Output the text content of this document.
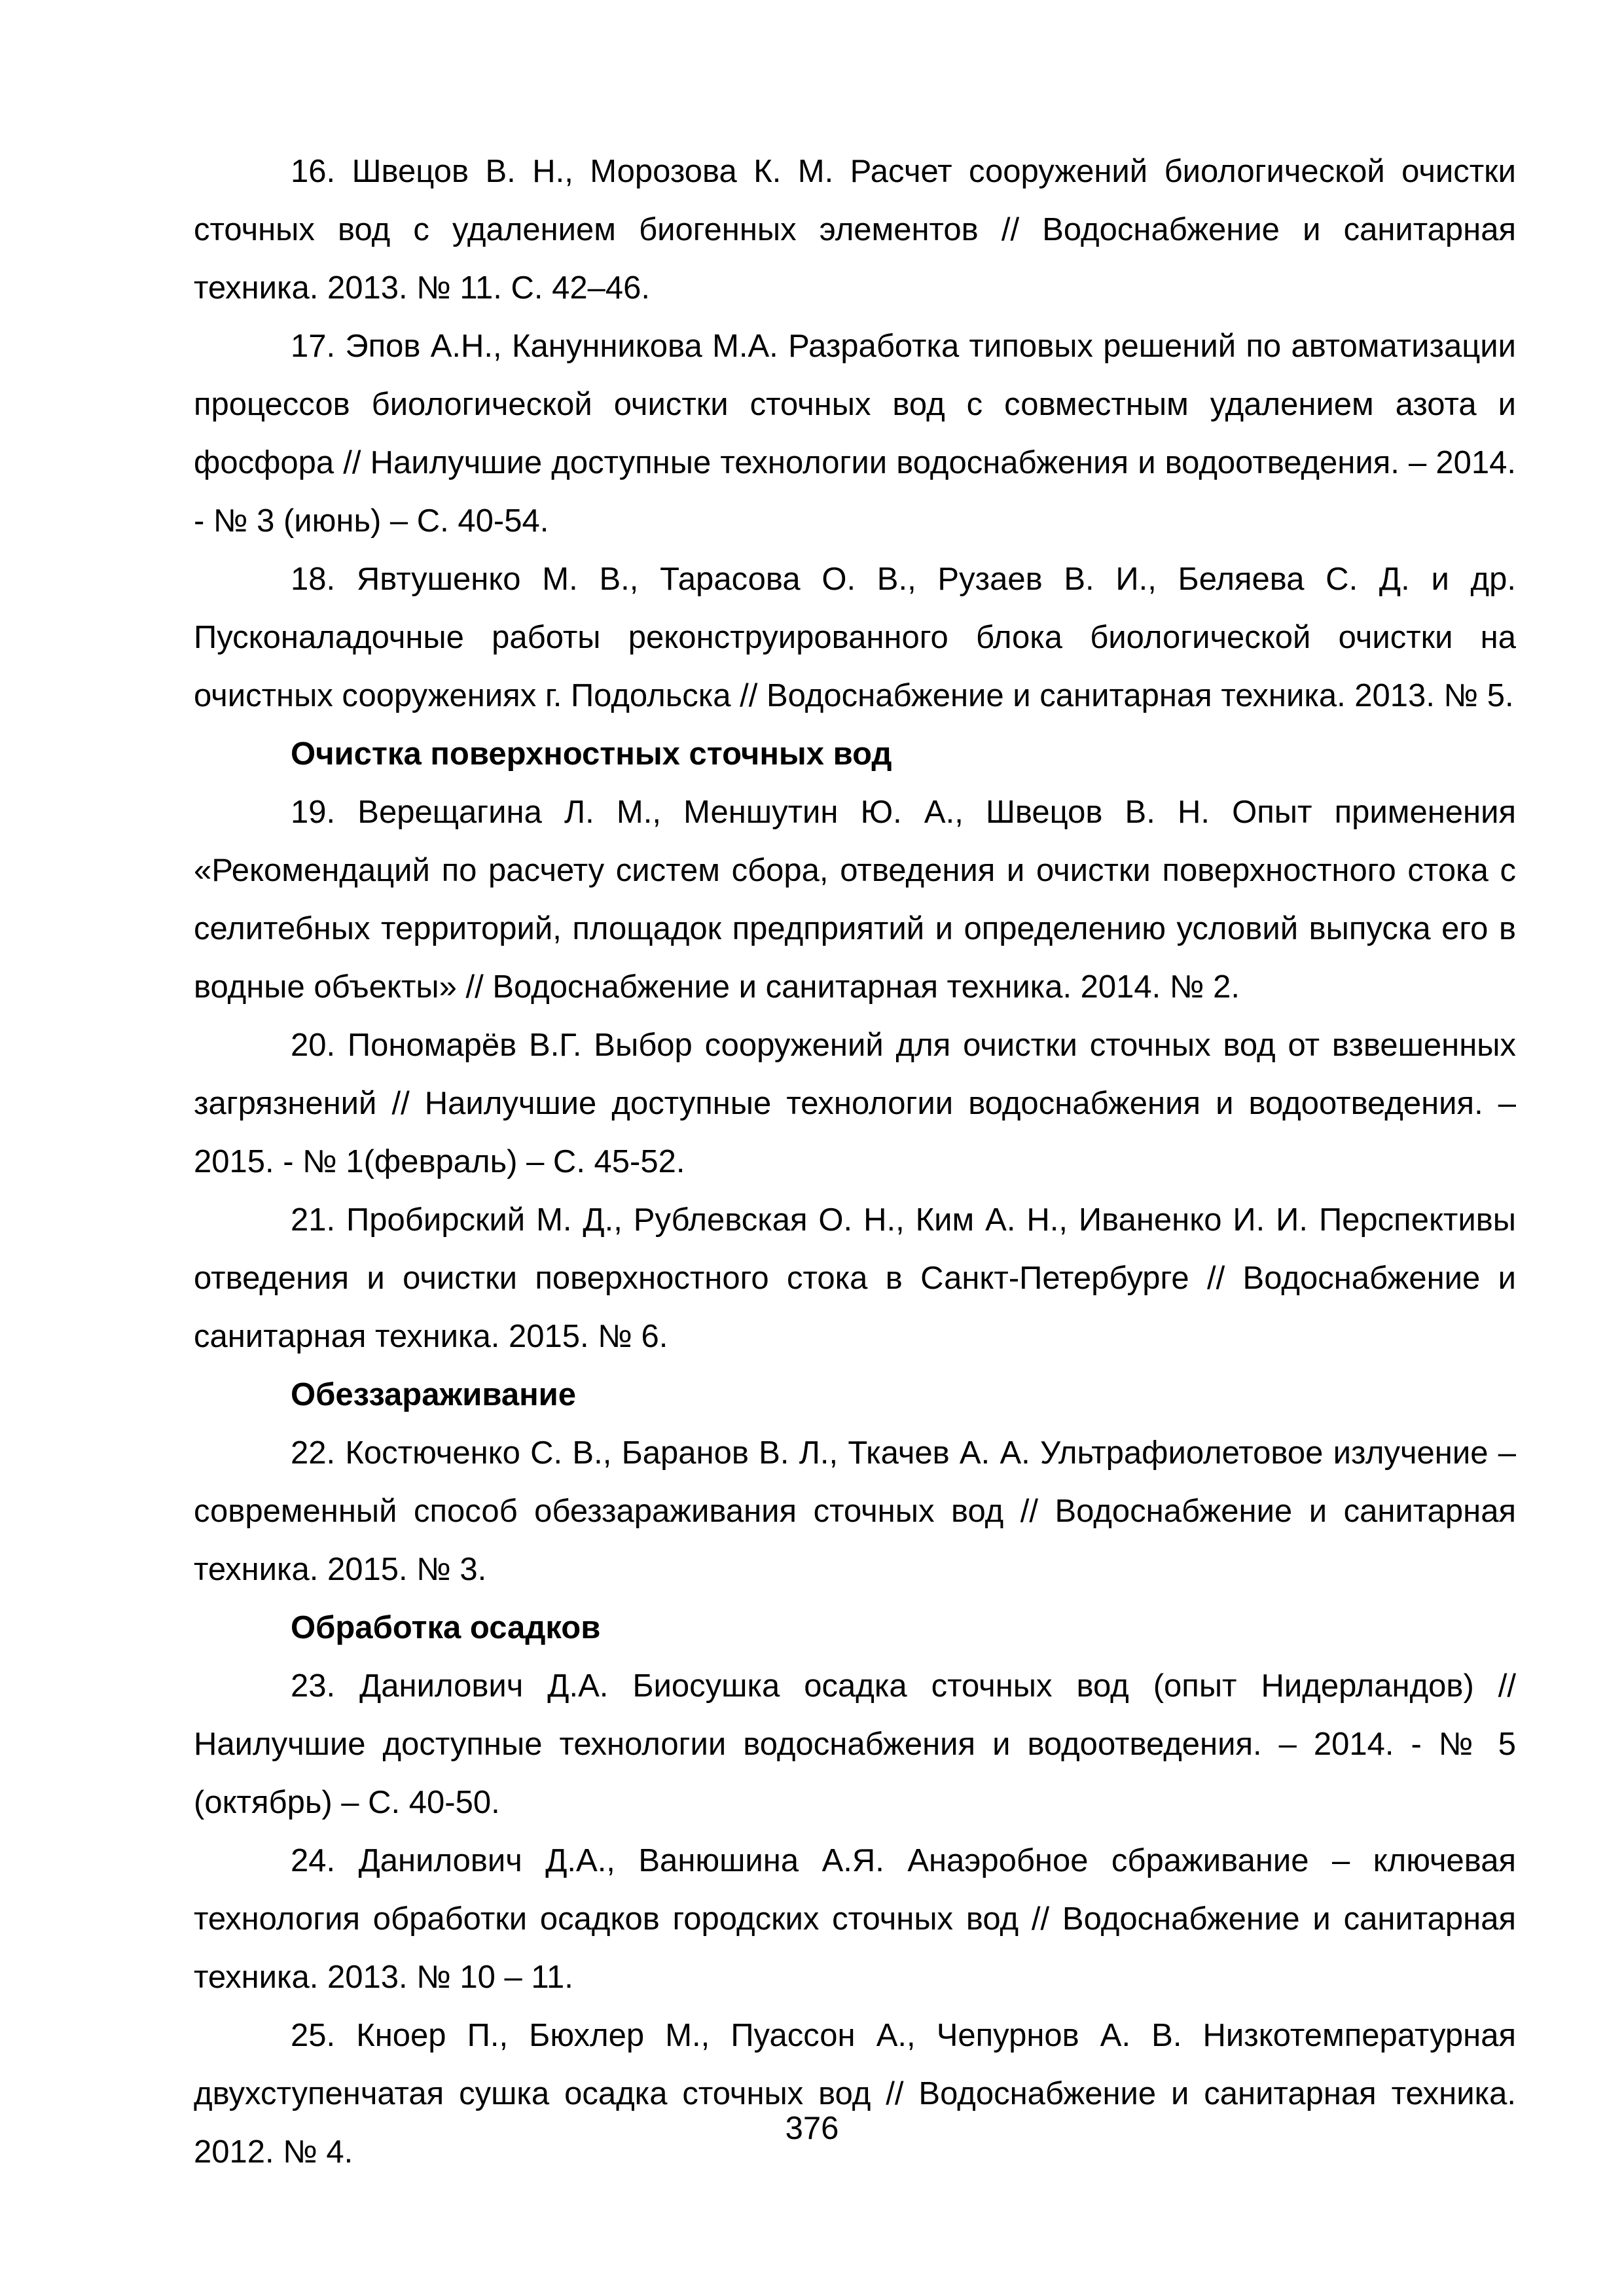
16. Швецов В. Н., Морозова К. М. Расчет сооружений биологической очистки сточных вод с удалением биогенных элементов // Водоснабжение и санитарная техника. 2013. № 11. С. 42–46.

17. Эпов А.Н., Канунникова М.А. Разработка типовых решений по автоматизации процессов биологической очистки сточных вод с совместным удалением азота и фосфора // Наилучшие доступные технологии водоснабжения и водоотведения. – 2014. - № 3 (июнь) – С. 40-54.

18. Явтушенко М. В., Тарасова О. В., Рузаев В. И., Беляева С. Д. и др. Пусконаладочные работы реконструированного блока биологической очистки на очистных сооружениях г. Подольска // Водоснабжение и санитарная техника. 2013. № 5.

Очистка поверхностных сточных вод

19. Верещагина Л. М., Меншутин Ю. А., Швецов В. Н. Опыт применения «Рекомендаций по расчету систем сбора, отведения и очистки поверхностного стока с селитебных территорий, площадок предприятий и определению условий выпуска его в водные объекты» // Водоснабжение и санитарная техника. 2014. № 2.

20. Пономарёв В.Г. Выбор сооружений для очистки сточных вод от взвешенных загрязнений // Наилучшие доступные технологии водоснабжения и водоотведения. – 2015. - № 1(февраль) – С. 45-52.

21. Пробирский М. Д., Рублевская О. Н., Ким А. Н., Иваненко И. И. Перспективы отведения и очистки поверхностного стока в Санкт-Петербурге // Водоснабжение и санитарная техника. 2015. № 6.

Обеззараживание

22. Костюченко С. В., Баранов В. Л., Ткачев А. А. Ультрафиолетовое излучение – современный способ обеззараживания сточных вод // Водоснабжение и санитарная техника. 2015. № 3.

Обработка осадков

23. Данилович Д.А. Биосушка осадка сточных вод (опыт Нидерландов) // Наилучшие доступные технологии водоснабжения и водоотведения. – 2014. - № 5 (октябрь) – С. 40-50.

24. Данилович Д.А., Ванюшина А.Я. Анаэробное сбраживание – ключевая технология обработки осадков городских сточных вод // Водоснабжение и санитарная техника. 2013. № 10 – 11.

25. Кноер П., Бюхлер М., Пуассон А., Чепурнов А. В. Низкотемпературная двухступенчатая сушка осадка сточных вод // Водоснабжение и санитарная техника. 2012. № 4.

376
